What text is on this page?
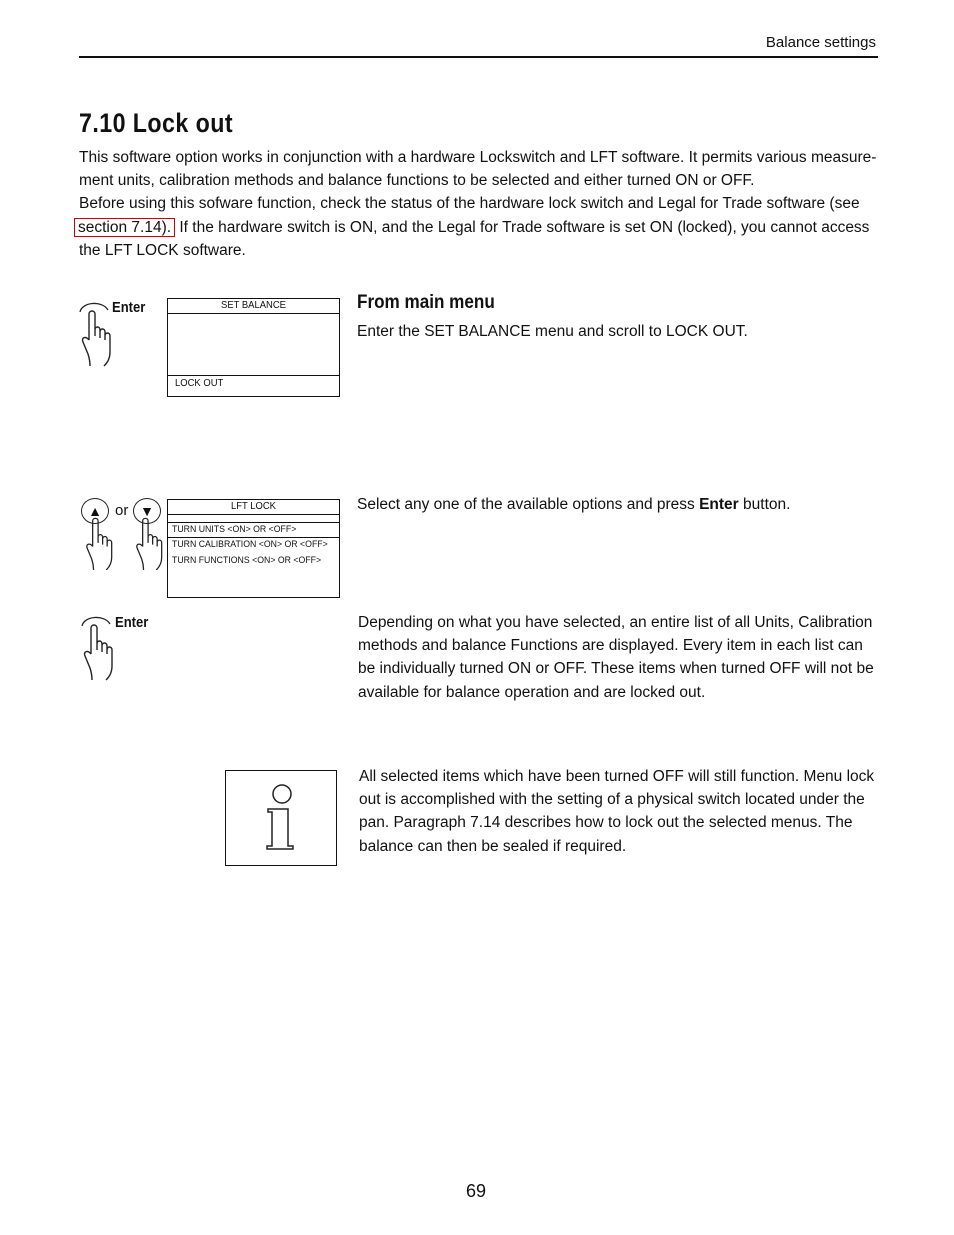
Balance settings
7.10 Lock out
This software option works in conjunction with a hardware Lockswitch and LFT software. It permits various measure-
ment units, calibration methods and balance functions to be selected and either turned ON or OFF.
Before using this sofware function, check the status of the hardware lock switch and Legal for Trade software (see
section 7.14). If the hardware switch is ON, and the Legal for Trade software is set ON (locked), you cannot access
the LFT LOCK software.
Enter	SET BALANCE
LOCK OUT
From main menu
Enter the SET BALANCE menu and scroll to LOCK OUT.
▲ or ▼	LFT LOCK
TURN UNITS <ON> OR <OFF>
TURN CALIBRATION <ON> OR <OFF>
TURN FUNCTIONS <ON> OR <OFF>
Select any one of the available options and press Enter button.
Enter	Depending on what you have selected, an entire list of all Units, Calibration
methods and balance Functions are displayed. Every item in each list can
be individually turned ON or OFF. These items when turned OFF will not be
available for balance operation and are locked out.
All selected items which have been turned OFF will still function. Menu lock
out is accomplished with the setting of a physical switch located under the
pan. Paragraph 7.14 describes how to lock out the selected menus. The
balance can then be sealed if required.
69
